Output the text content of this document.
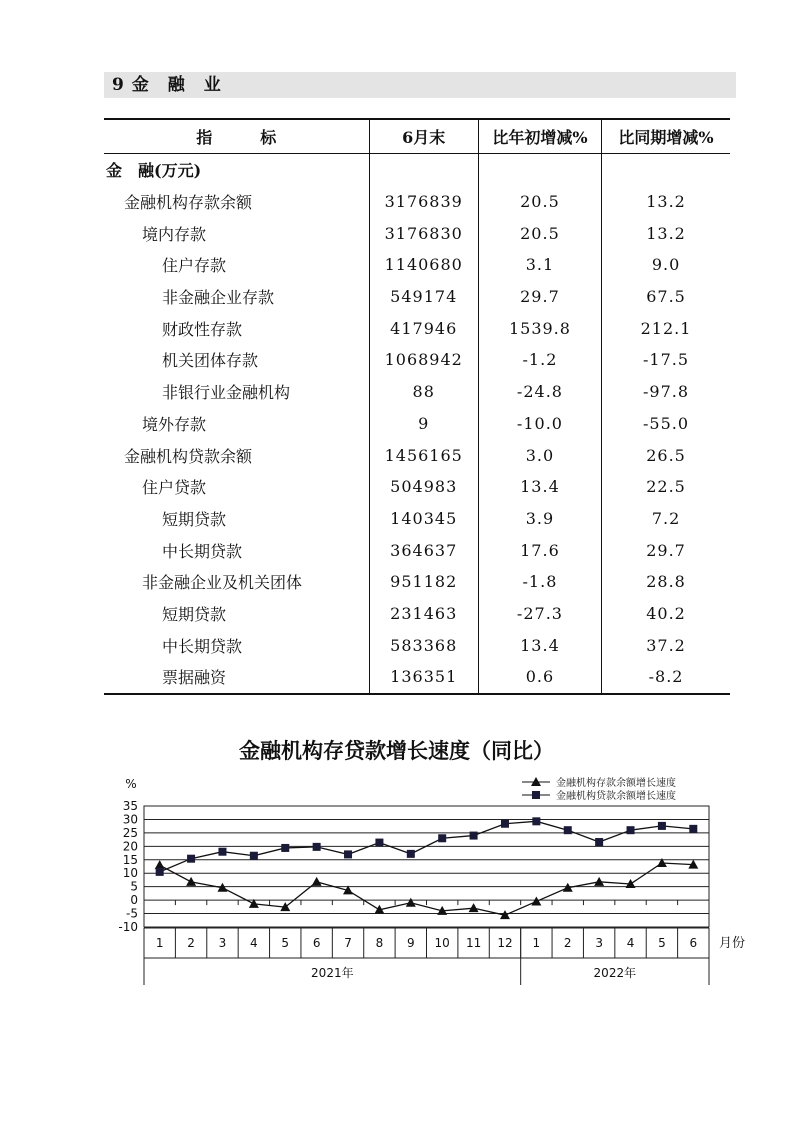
9 金　融　业
指　　　标	6月末	比年初增减%	比同期增减%
金　融(万元)			
金融机构存款余额	3176839	20.5	13.2
境内存款	3176830	20.5	13.2
住户存款	1140680	3.1	9.0
非金融企业存款	549174	29.7	67.5
财政性存款	417946	1539.8	212.1
机关团体存款	1068942	-1.2	-17.5
非银行业金融机构	88	-24.8	-97.8
境外存款	9	-10.0	-55.0
金融机构贷款余额	1456165	3.0	26.5
住户贷款	504983	13.4	22.5
短期贷款	140345	3.9	7.2
中长期贷款	364637	17.6	29.7
非金融企业及机关团体	951182	-1.8	28.8
短期贷款	231463	-27.3	40.2
中长期贷款	583368	13.4	37.2
票据融资	136351	0.6	-8.2
金融机构存贷款增长速度（同比）
35
30
25
20
15
10
5
0
-5
-10
%
1 2 3 4 5 6 7 8 9 10 11 12 1 2 3 4 5 6 月份
2021年	2022年
金融机构存款余额增长速度
金融机构贷款余额增长速度
